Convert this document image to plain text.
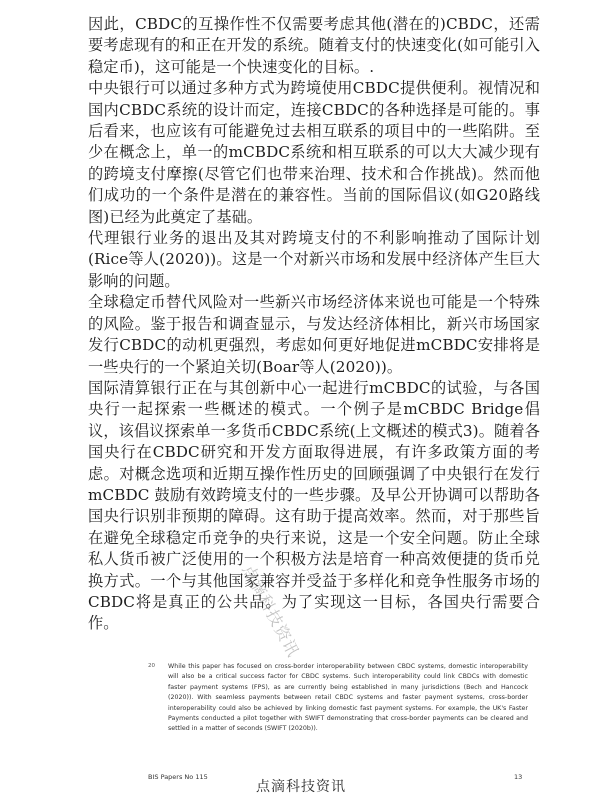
因此，CBDC的互操作性不仅需要考虑其他(潜在的)CBDC，还需要考虑现有的和正在开发的系统。随着支付的快速变化(如可能引入稳定币)，这可能是一个快速变化的目标。.

中央银行可以通过多种方式为跨境使用CBDC提供便利。视情况和国内CBDC系统的设计而定，连接CBDC的各种选择是可能的。事后看来，也应该有可能避免过去相互联系的项目中的一些陷阱。至少在概念上，单一的mCBDC系统和相互联系的可以大大减少现有的跨境支付摩擦(尽管它们也带来治理、技术和合作挑战)。然而他们成功的一个条件是潜在的兼容性。当前的国际倡议(如G20路线图)已经为此奠定了基础。

代理银行业务的退出及其对跨境支付的不利影响推动了国际计划(Rice等人(2020))。这是一个对新兴市场和发展中经济体产生巨大影响的问题。

全球稳定币替代风险对一些新兴市场经济体来说也可能是一个特殊的风险。鉴于报告和调查显示，与发达经济体相比，新兴市场国家发行CBDC的动机更强烈，考虑如何更好地促进mCBDC安排将是一些央行的一个紧迫关切(Boar等人(2020))。

国际清算银行正在与其创新中心一起进行mCBDC的试验，与各国央行一起探索一些概述的模式。一个例子是mCBDC Bridge倡议，该倡议探索单一多货币CBDC系统(上文概述的模式3)。随着各国央行在CBDC研究和开发方面取得进展，有许多政策方面的考虑。对概念选项和近期互操作性历史的回顾强调了中央银行在发行mCBDC 鼓励有效跨境支付的一些步骤。及早公开协调可以帮助各国央行识别非预期的障碍。这有助于提高效率。然而，对于那些旨在避免全球稳定币竞争的央行来说，这是一个安全问题。防止全球私人货币被广泛使用的一个积极方法是培育一种高效便捷的货币兑换方式。一个与其他国家兼容并受益于多样化和竞争性服务市场的CBDC将是真正的公共品。为了实现这一目标，各国央行需要合作。	点滴科技资讯
20	While this paper has focused on cross-border interoperability between CBDC systems, domestic interoperability will also be a critical success factor for CBDC systems. Such interoperability could link CBDCs with domestic faster payment systems (FPS), as are currently being established in many jurisdictions (Bech and Hancock (2020)). With seamless payments between retail CBDC systems and faster payment systems, cross-border interoperability could also be achieved by linking domestic fast payment systems. For example, the UK's Faster Payments conducted a pilot together with SWIFT demonstrating that cross-border payments can be cleared and settled in a matter of seconds (SWIFT (2020b)).
BIS Papers No 115
点滴科技资讯
13
